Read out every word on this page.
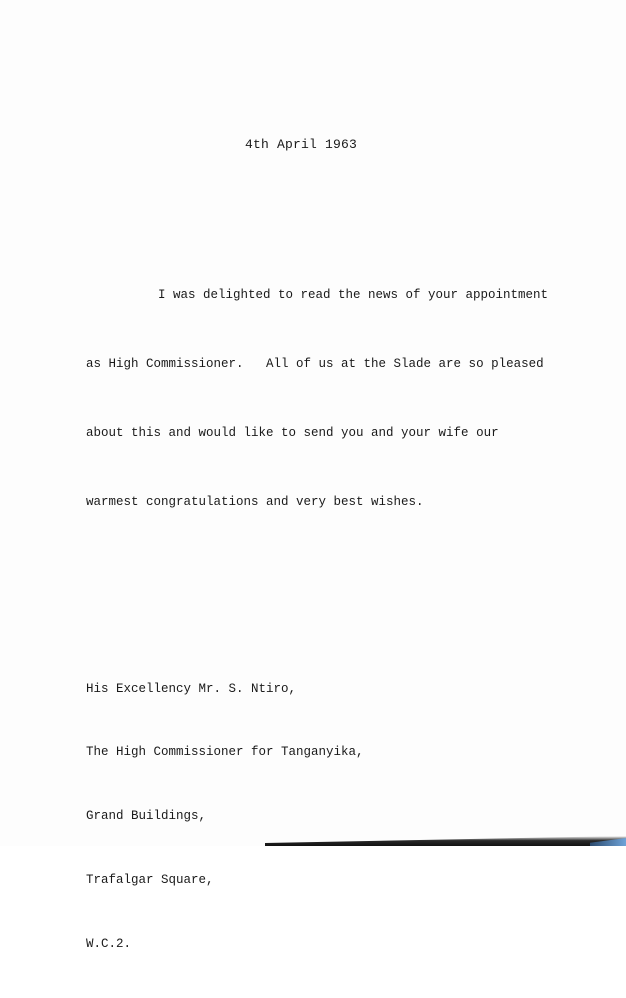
4th April 1963

I was delighted to read the news of your appointment

as High Commissioner.   All of us at the Slade are so pleased

about this and would like to send you and your wife our

warmest congratulations and very best wishes.

His Excellency Mr. S. Ntiro,

The High Commissioner for Tanganyika,

Grand Buildings,

Trafalgar Square,

W.C.2.
